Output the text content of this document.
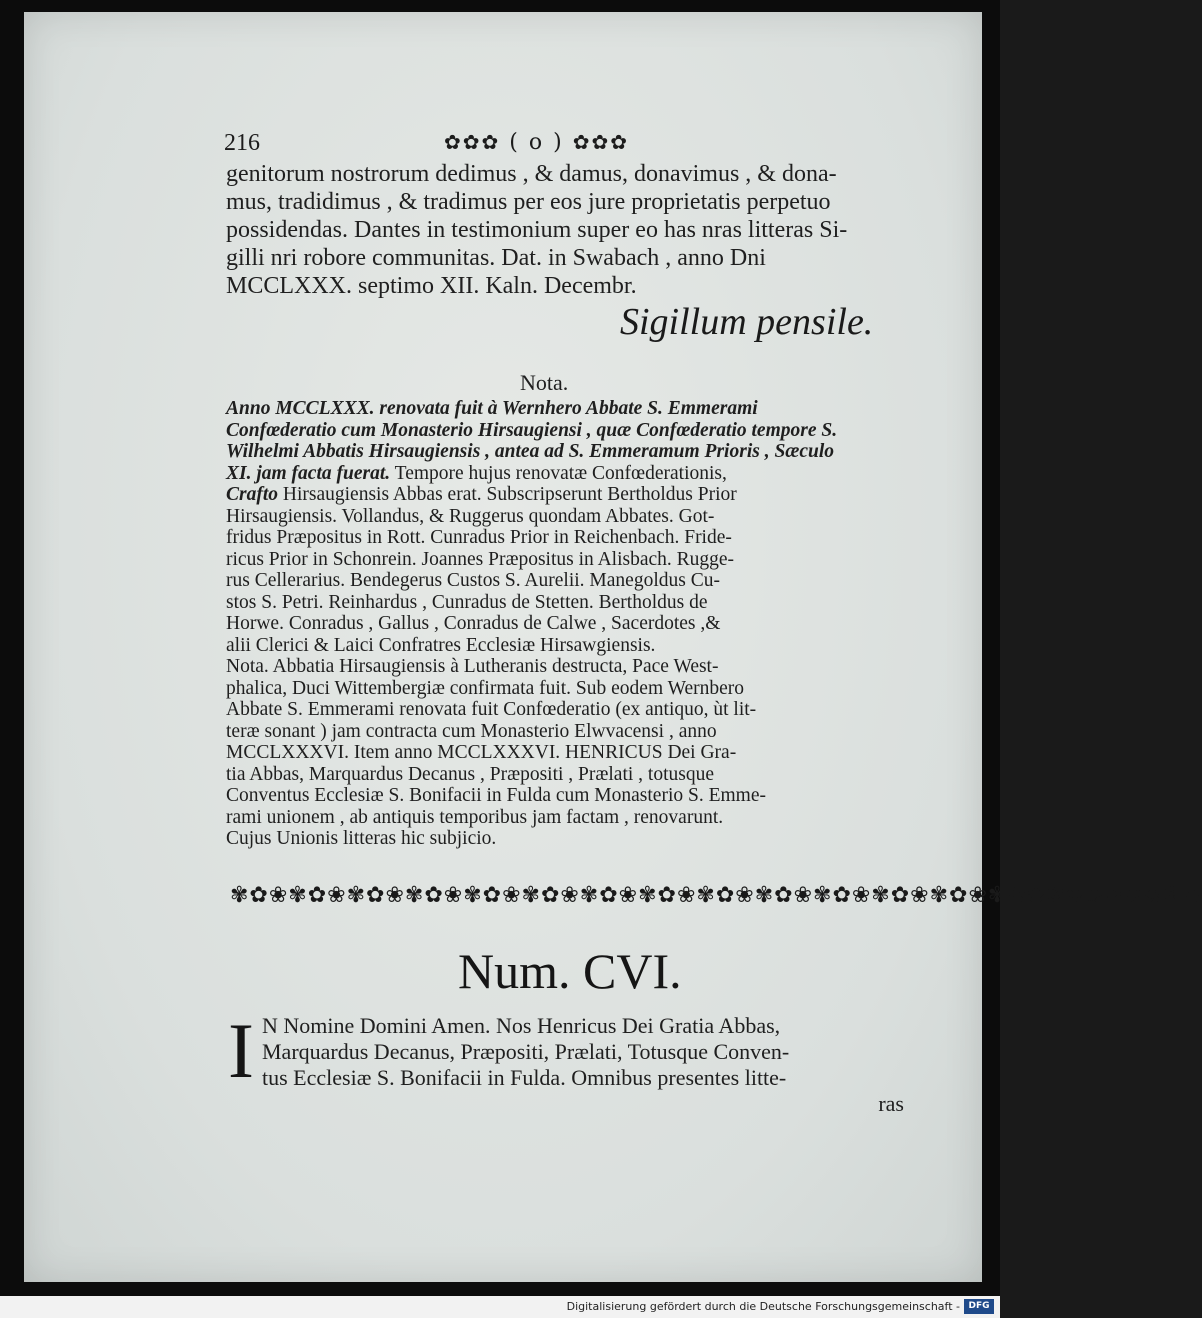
216	✿✿✿ ( o ) ✿✿✿
genitorum nostrorum dedimus , & damus, donavimus , & dona-
mus, tradidimus , & tradimus per eos jure proprietatis perpetuo
possidendas. Dantes in testimonium super eo has nras litteras Si-
gilli nri robore communitas. Dat. in Swabach , anno Dni
MCCLXXX. septimo XII. Kaln. Decembr.
Sigillum pensile.
Nota.
Anno MCCLXXX. renovata fuit à Wernhero Abbate S. Emmerami
Confœderatio cum Monasterio Hirsaugiensi , quæ Confœderatio tempore S.
Wilhelmi Abbatis Hirsaugiensis , antea ad S. Emmeramum Prioris , Sæculo
XI. jam facta fuerat. Tempore hujus renovatæ Confœderationis,
Crafto Hirsaugiensis Abbas erat. Subscripserunt Bertholdus Prior
Hirsaugiensis. Vollandus, & Ruggerus quondam Abbates. Got-
fridus Præpositus in Rott. Cunradus Prior in Reichenbach. Fride-
ricus Prior in Schonrein. Joannes Præpositus in Alisbach. Rugge-
rus Cellerarius. Bendegerus Custos S. Aurelii. Manegoldus Cu-
stos S. Petri. Reinhardus , Cunradus de Stetten. Bertholdus de
Horwe. Conradus , Gallus , Conradus de Calwe , Sacerdotes ,&
alii Clerici & Laici Confratres Ecclesiæ Hirsawgiensis.
Nota. Abbatia Hirsaugiensis à Lutheranis destructa, Pace West-
phalica, Duci Wittembergiæ confirmata fuit. Sub eodem Wernbero
Abbate S. Emmerami renovata fuit Confœderatio (ex antiquo, ùt lit-
teræ sonant ) jam contracta cum Monasterio Elwvacensi , anno
MCCLXXXVI. Item anno MCCLXXXVI. HENRICUS Dei Gra-
tia Abbas, Marquardus Decanus , Præpositi , Prælati , totusque
Conventus Ecclesiæ S. Bonifacii in Fulda cum Monasterio S. Emme-
rami unionem , ab antiquis temporibus jam factam , renovarunt.
Cujus Unionis litteras hic subjicio.
✾✿❀✾✿❀✾✿❀✾✿❀✾✿❀✾✿❀✾✿❀✾✿❀✾✿❀✾✿❀✾✿❀✾✿❀✾✿❀✾✿❀✾✿❀✾✿❀✾✿
Num. CVI.
I N Nomine Domini Amen. Nos Henricus Dei Gratia Abbas,
Marquardus Decanus, Præpositi, Prælati, Totusque Conven-
tus Ecclesiæ S. Bonifacii in Fulda. Omnibus presentes litte-
ras
Digitalisierung gefördert durch die Deutsche Forschungsgemeinschaft - DFG
